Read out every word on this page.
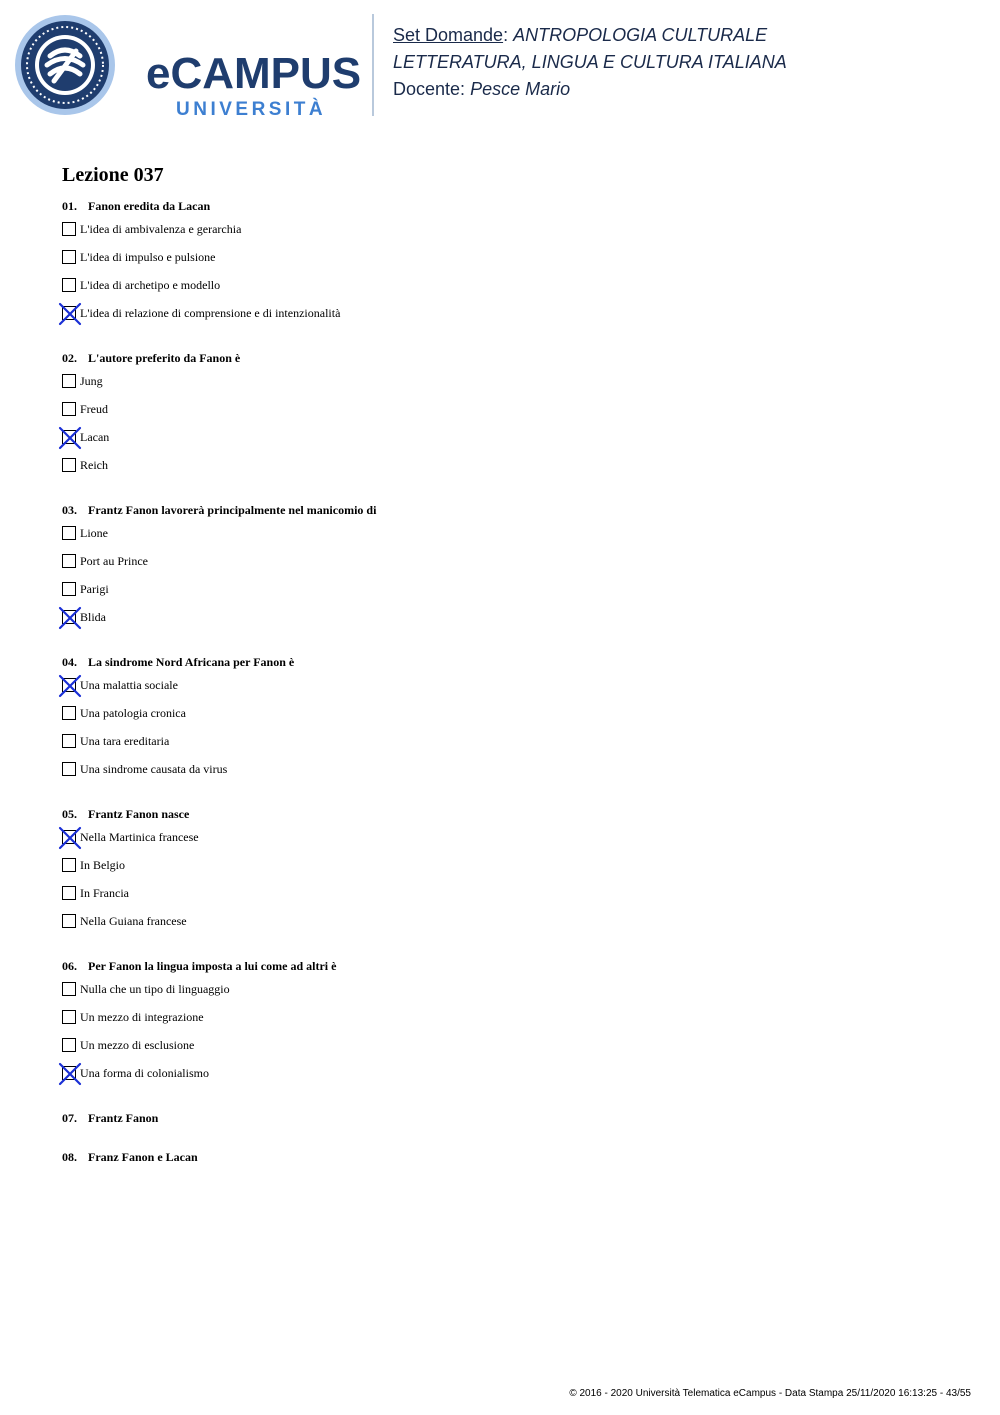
eCAMPUS
UNIVERSITÀ
Set Domande: ANTROPOLOGIA CULTURALE
LETTERATURA, LINGUA E CULTURA ITALIANA
Docente: Pesce Mario
Lezione 037
01. Fanon eredita da Lacan
L'idea di ambivalenza e gerarchia
L'idea di impulso e pulsione
L'idea di archetipo e modello
L'idea di relazione di comprensione e di intenzionalità
02. L'autore preferito da Fanon è
Jung
Freud
Lacan
Reich
03. Frantz Fanon lavorerà principalmente nel manicomio di
Lione
Port au Prince
Parigi
Blida
04. La sindrome Nord Africana per Fanon è
Una malattia sociale
Una patologia cronica
Una tara ereditaria
Una sindrome causata da virus
05. Frantz Fanon nasce
Nella Martinica francese
In Belgio
In Francia
Nella Guiana francese
06. Per Fanon la lingua imposta a lui come ad altri è
Nulla che un tipo di linguaggio
Un mezzo di integrazione
Un mezzo di esclusione
Una forma di colonialismo
07. Frantz Fanon
08. Franz Fanon e Lacan
© 2016 - 2020 Università Telematica eCampus - Data Stampa 25/11/2020 16:13:25 - 43/55
